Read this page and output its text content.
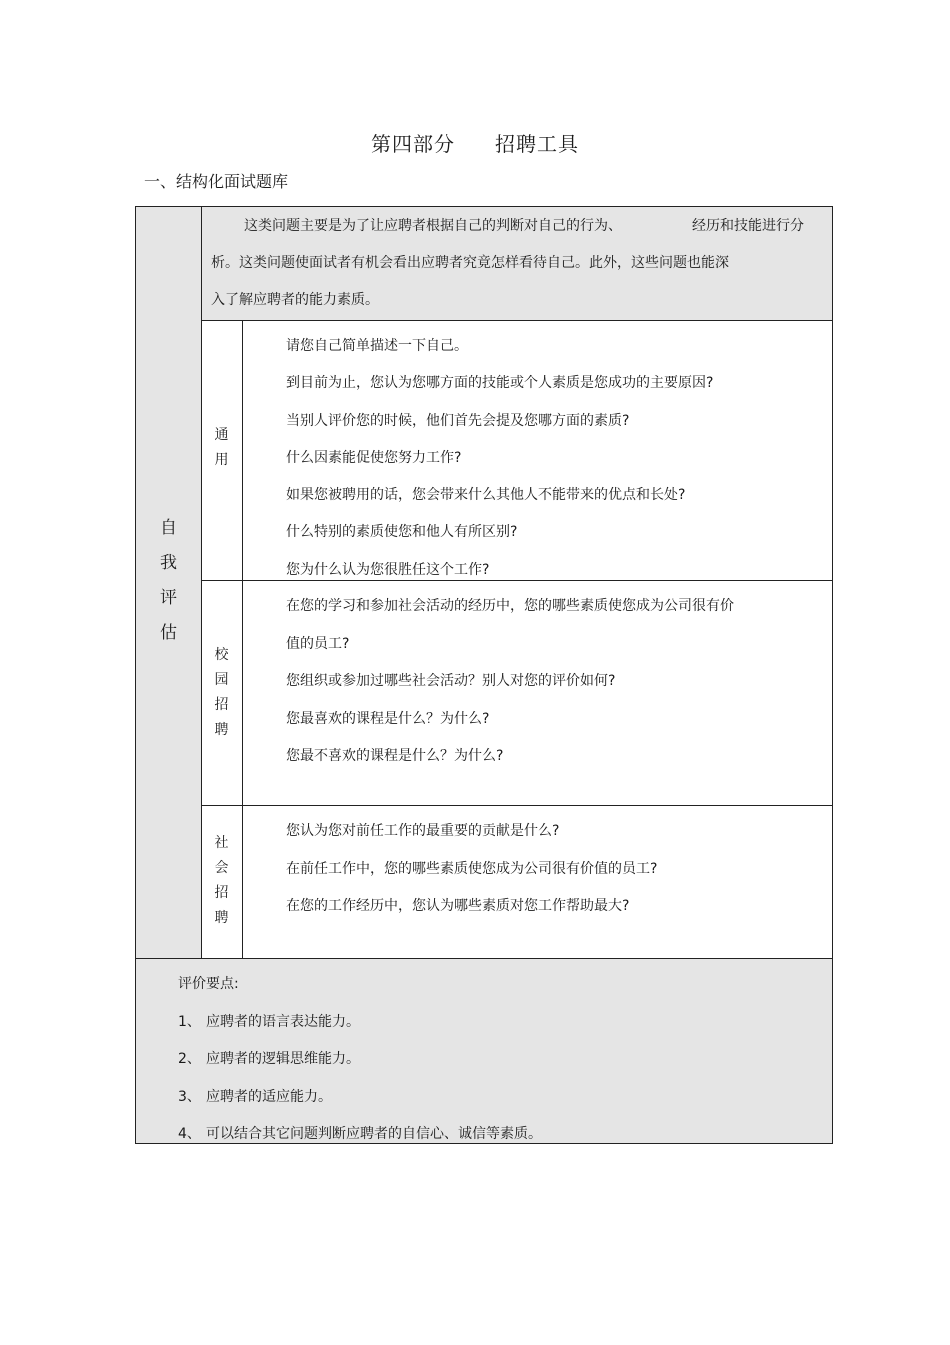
第四部分 招聘工具
一、结构化面试题库
自
我
评
估
这类问题主要是为了让应聘者根据自己的判断对自己的行为、	经历和技能进行分
析。这类问题使面试者有机会看出应聘者究竟怎样看待自己。此外，这些问题也能深
入了解应聘者的能力素质。
通
用
请您自己简单描述一下自己。
到目前为止，您认为您哪方面的技能或个人素质是您成功的主要原因?
当别人评价您的时候，他们首先会提及您哪方面的素质?
什么因素能促使您努力工作?
如果您被聘用的话，您会带来什么其他人不能带来的优点和长处?
什么特别的素质使您和他人有所区别?
您为什么认为您很胜任这个工作?
校
园
招
聘
在您的学习和参加社会活动的经历中，您的哪些素质使您成为公司很有价
值的员工?
您组织或参加过哪些社会活动？别人对您的评价如何?
您最喜欢的课程是什么？为什么?
您最不喜欢的课程是什么？为什么?
社
会
招
聘
您认为您对前任工作的最重要的贡献是什么?
在前任工作中，您的哪些素质使您成为公司很有价值的员工?
在您的工作经历中，您认为哪些素质对您工作帮助最大?
评价要点:
1、 应聘者的语言表达能力。
2、 应聘者的逻辑思维能力。
3、 应聘者的适应能力。
4、 可以结合其它问题判断应聘者的自信心、诚信等素质。
